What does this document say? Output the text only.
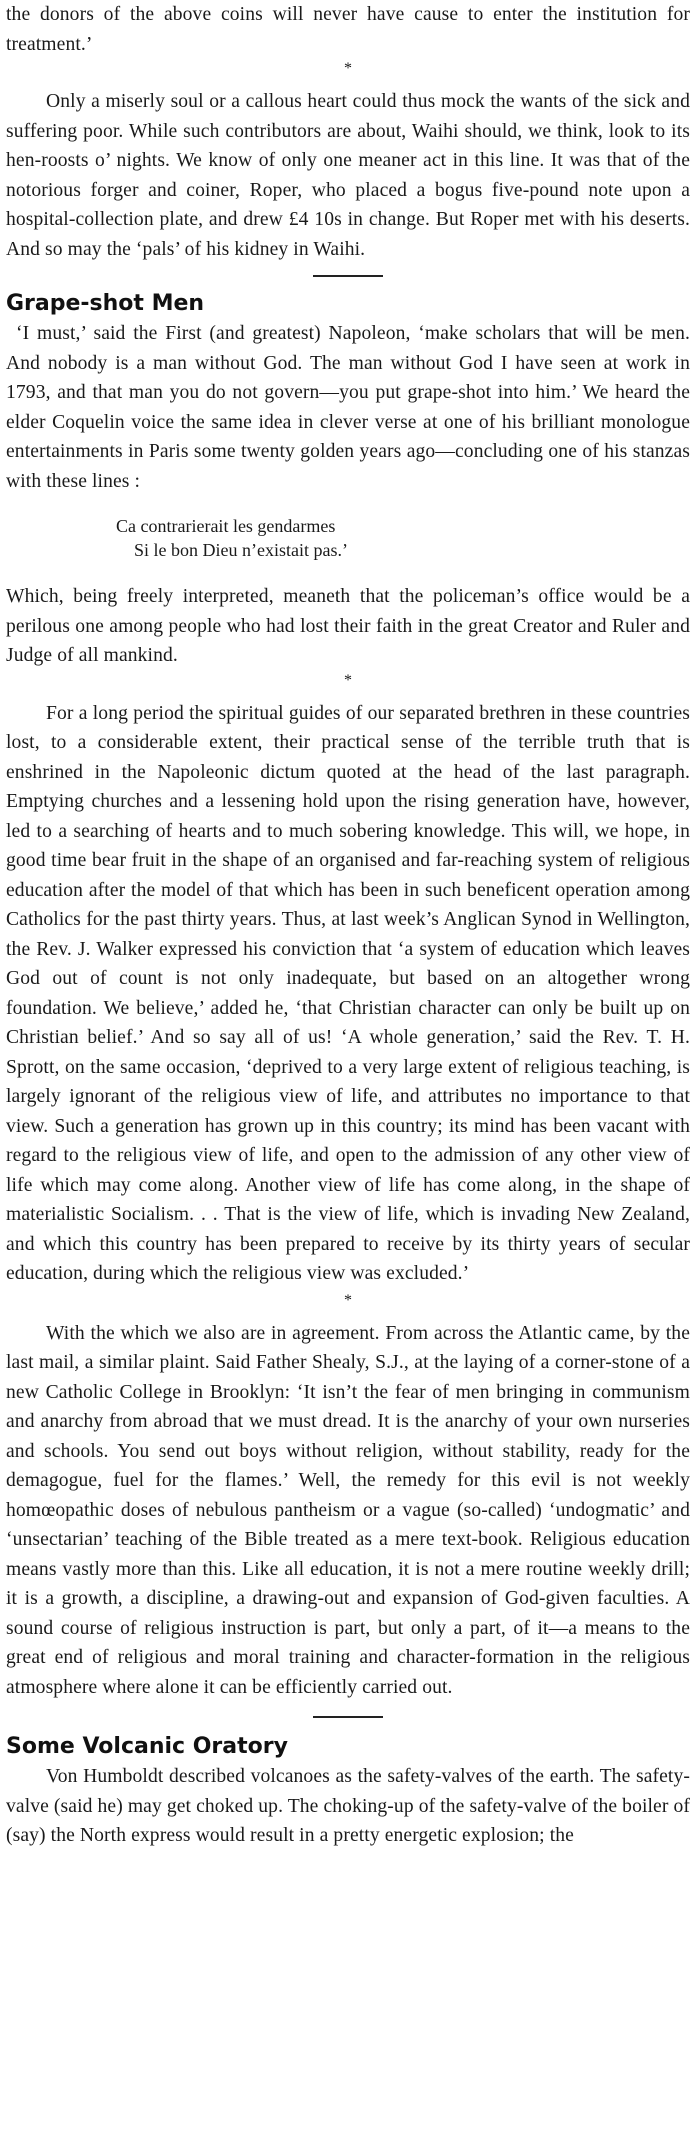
the donors of the above coins will never have cause to enter the institution for treatment.’

*

Only a miserly soul or a callous heart could thus mock the wants of the sick and suffering poor. While such contributors are about, Waihi should, we think, look to its hen-roosts o’ nights. We know of only one meaner act in this line. It was that of the notorious forger and coiner, Roper, who placed a bogus five-pound note upon a hospital-collection plate, and drew £4 10s in change. But Roper met with his deserts. And so may the ‘pals’ of his kidney in Waihi.

Grape-shot Men

‘I must,’ said the First (and greatest) Napoleon, ‘make scholars that will be men. And nobody is a man without God. The man without God I have seen at work in 1793, and that man you do not govern—you put grape-shot into him.’ We heard the elder Coquelin voice the same idea in clever verse at one of his brilliant monologue entertainments in Paris some twenty golden years ago—concluding one of his stanzas with these lines :

Ca contrarierait les gendarmes
Si le bon Dieu n’existait pas.’

Which, being freely interpreted, meaneth that the policeman’s office would be a perilous one among people who had lost their faith in the great Creator and Ruler and Judge of all mankind.

*

For a long period the spiritual guides of our separated brethren in these countries lost, to a considerable extent, their practical sense of the terrible truth that is enshrined in the Napoleonic dictum quoted at the head of the last paragraph. Emptying churches and a lessening hold upon the rising generation have, however, led to a searching of hearts and to much sobering knowledge. This will, we hope, in good time bear fruit in the shape of an organised and far-reaching system of religious education after the model of that which has been in such beneficent operation among Catholics for the past thirty years. Thus, at last week’s Anglican Synod in Wellington, the Rev. J. Walker expressed his conviction that ‘a system of education which leaves God out of count is not only inadequate, but based on an altogether wrong foundation. We believe,’ added he, ‘that Christian character can only be built up on Christian belief.’ And so say all of us! ‘A whole generation,’ said the Rev. T. H. Sprott, on the same occasion, ‘deprived to a very large extent of religious teaching, is largely ignorant of the religious view of life, and attributes no importance to that view. Such a generation has grown up in this country; its mind has been vacant with regard to the religious view of life, and open to the admission of any other view of life which may come along. Another view of life has come along, in the shape of materialistic Socialism. . . That is the view of life, which is invading New Zealand, and which this country has been prepared to receive by its thirty years of secular education, during which the religious view was excluded.’

*

With the which we also are in agreement. From across the Atlantic came, by the last mail, a similar plaint. Said Father Shealy, S.J., at the laying of a corner-stone of a new Catholic College in Brooklyn: ‘It isn’t the fear of men bringing in communism and anarchy from abroad that we must dread. It is the anarchy of your own nurseries and schools. You send out boys without religion, without stability, ready for the demagogue, fuel for the flames.’ Well, the remedy for this evil is not weekly homœopathic doses of nebulous pantheism or a vague (so-called) ‘undogmatic’ and ‘unsectarian’ teaching of the Bible treated as a mere text-book. Religious education means vastly more than this. Like all education, it is not a mere routine weekly drill; it is a growth, a discipline, a drawing-out and expansion of God-given faculties. A sound course of religious instruction is part, but only a part, of it—a means to the great end of religious and moral training and character-formation in the religious atmosphere where alone it can be efficiently carried out.

Some Volcanic Oratory

Von Humboldt described volcanoes as the safety-valves of the earth. The safety-valve (said he) may get choked up. The choking-up of the safety-valve of the boiler of (say) the North express would result in a pretty energetic explosion; the
